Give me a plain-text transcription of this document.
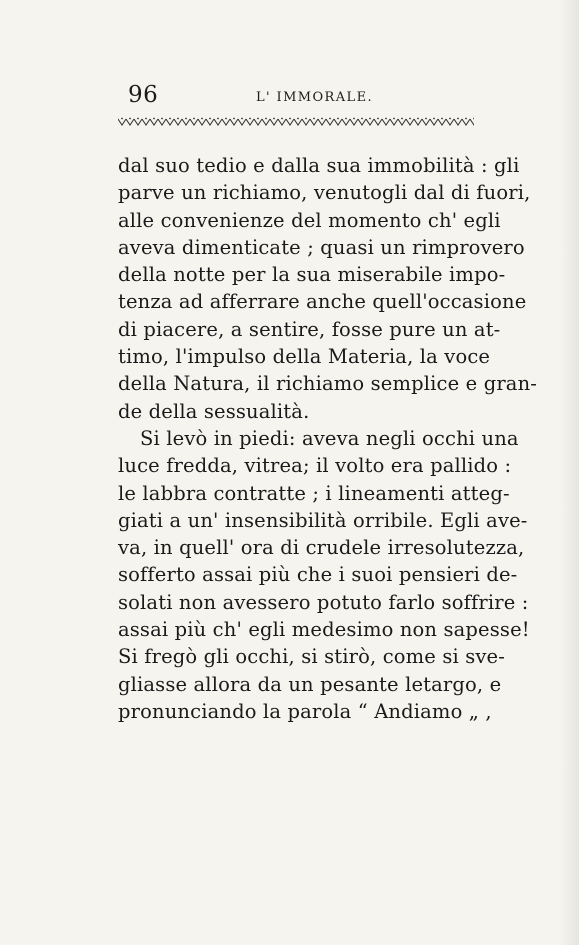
96	L' IMMORALE.
dal suo tedio e dalla sua immobilità : gli
parve un richiamo, venutogli dal di fuori,
alle convenienze del momento ch' egli
aveva dimenticate ; quasi un rimprovero
della notte per la sua miserabile impo-
tenza ad afferrare anche quell'occasione
di piacere, a sentire, fosse pure un at-
timo, l'impulso della Materia, la voce
della Natura, il richiamo semplice e gran-
de della sessualità.
Si levò in piedi: aveva negli occhi una
luce fredda, vitrea; il volto era pallido :
le labbra contratte ; i lineamenti atteg-
giati a un' insensibilità orribile. Egli ave-
va, in quell' ora di crudele irresolutezza,
sofferto assai più che i suoi pensieri de-
solati non avessero potuto farlo soffrire :
assai più ch' egli medesimo non sapesse!
Si fregò gli occhi, si stirò, come si sve-
gliasse allora da un pesante letargo, e
pronunciando la parola “ Andiamo „ ,
